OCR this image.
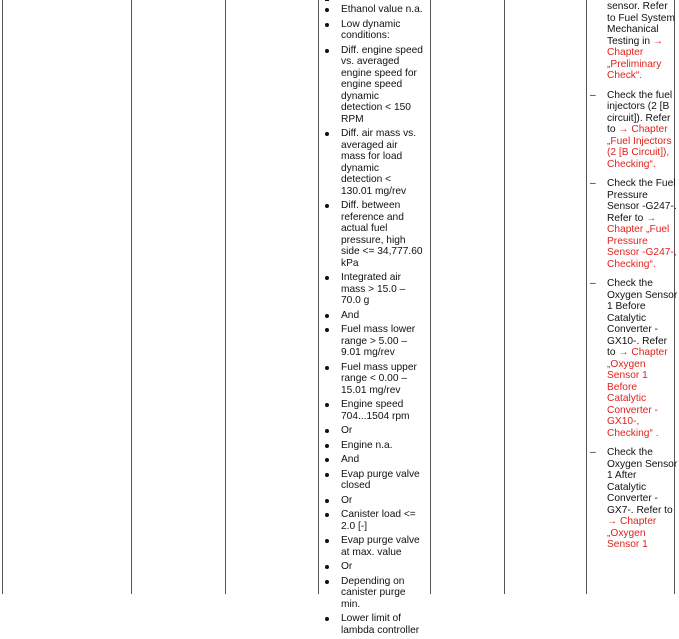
Ethanol value n.a.
Low dynamic conditions:
Diff. engine speed vs. averaged engine speed for engine speed dynamic detection < 150 RPM
Diff. air mass vs. averaged air mass for load dynamic detection < 130.01 mg/rev
Diff. between reference and actual fuel pressure, high side <= 34,777.60 kPa
Integrated air mass > 15.0 – 70.0 g
And
Fuel mass lower range > 5.00 – 9.01 mg/rev
Fuel mass upper range < 0.00 – 15.01 mg/rev
Engine speed 704...1504 rpm
Or
Engine n.a.
And
Evap purge valve closed
Or
Canister load <= 2.0 [-]
Evap purge valve at max. value
Or
Depending on canister purge min.
Lower limit of lambda controller
sensor. Refer to Fuel System Mechanical Testing in → Chapter „Preliminary Check“.
– Check the fuel injectors (2 [B circuit]). Refer to → Chapter „Fuel Injectors (2 [B Circuit]), Checking“.
– Check the Fuel Pressure Sensor -G247-. Refer to → Chapter „Fuel Pressure Sensor -G247-, Checking“.
– Check the Oxygen Sensor 1 Before Catalytic Converter -GX10-. Refer to → Chapter „Oxygen Sensor 1 Before Catalytic Converter -GX10-, Checking“ .
– Check the Oxygen Sensor 1 After Catalytic Converter -GX7-. Refer to → Chapter „Oxygen Sensor 1
